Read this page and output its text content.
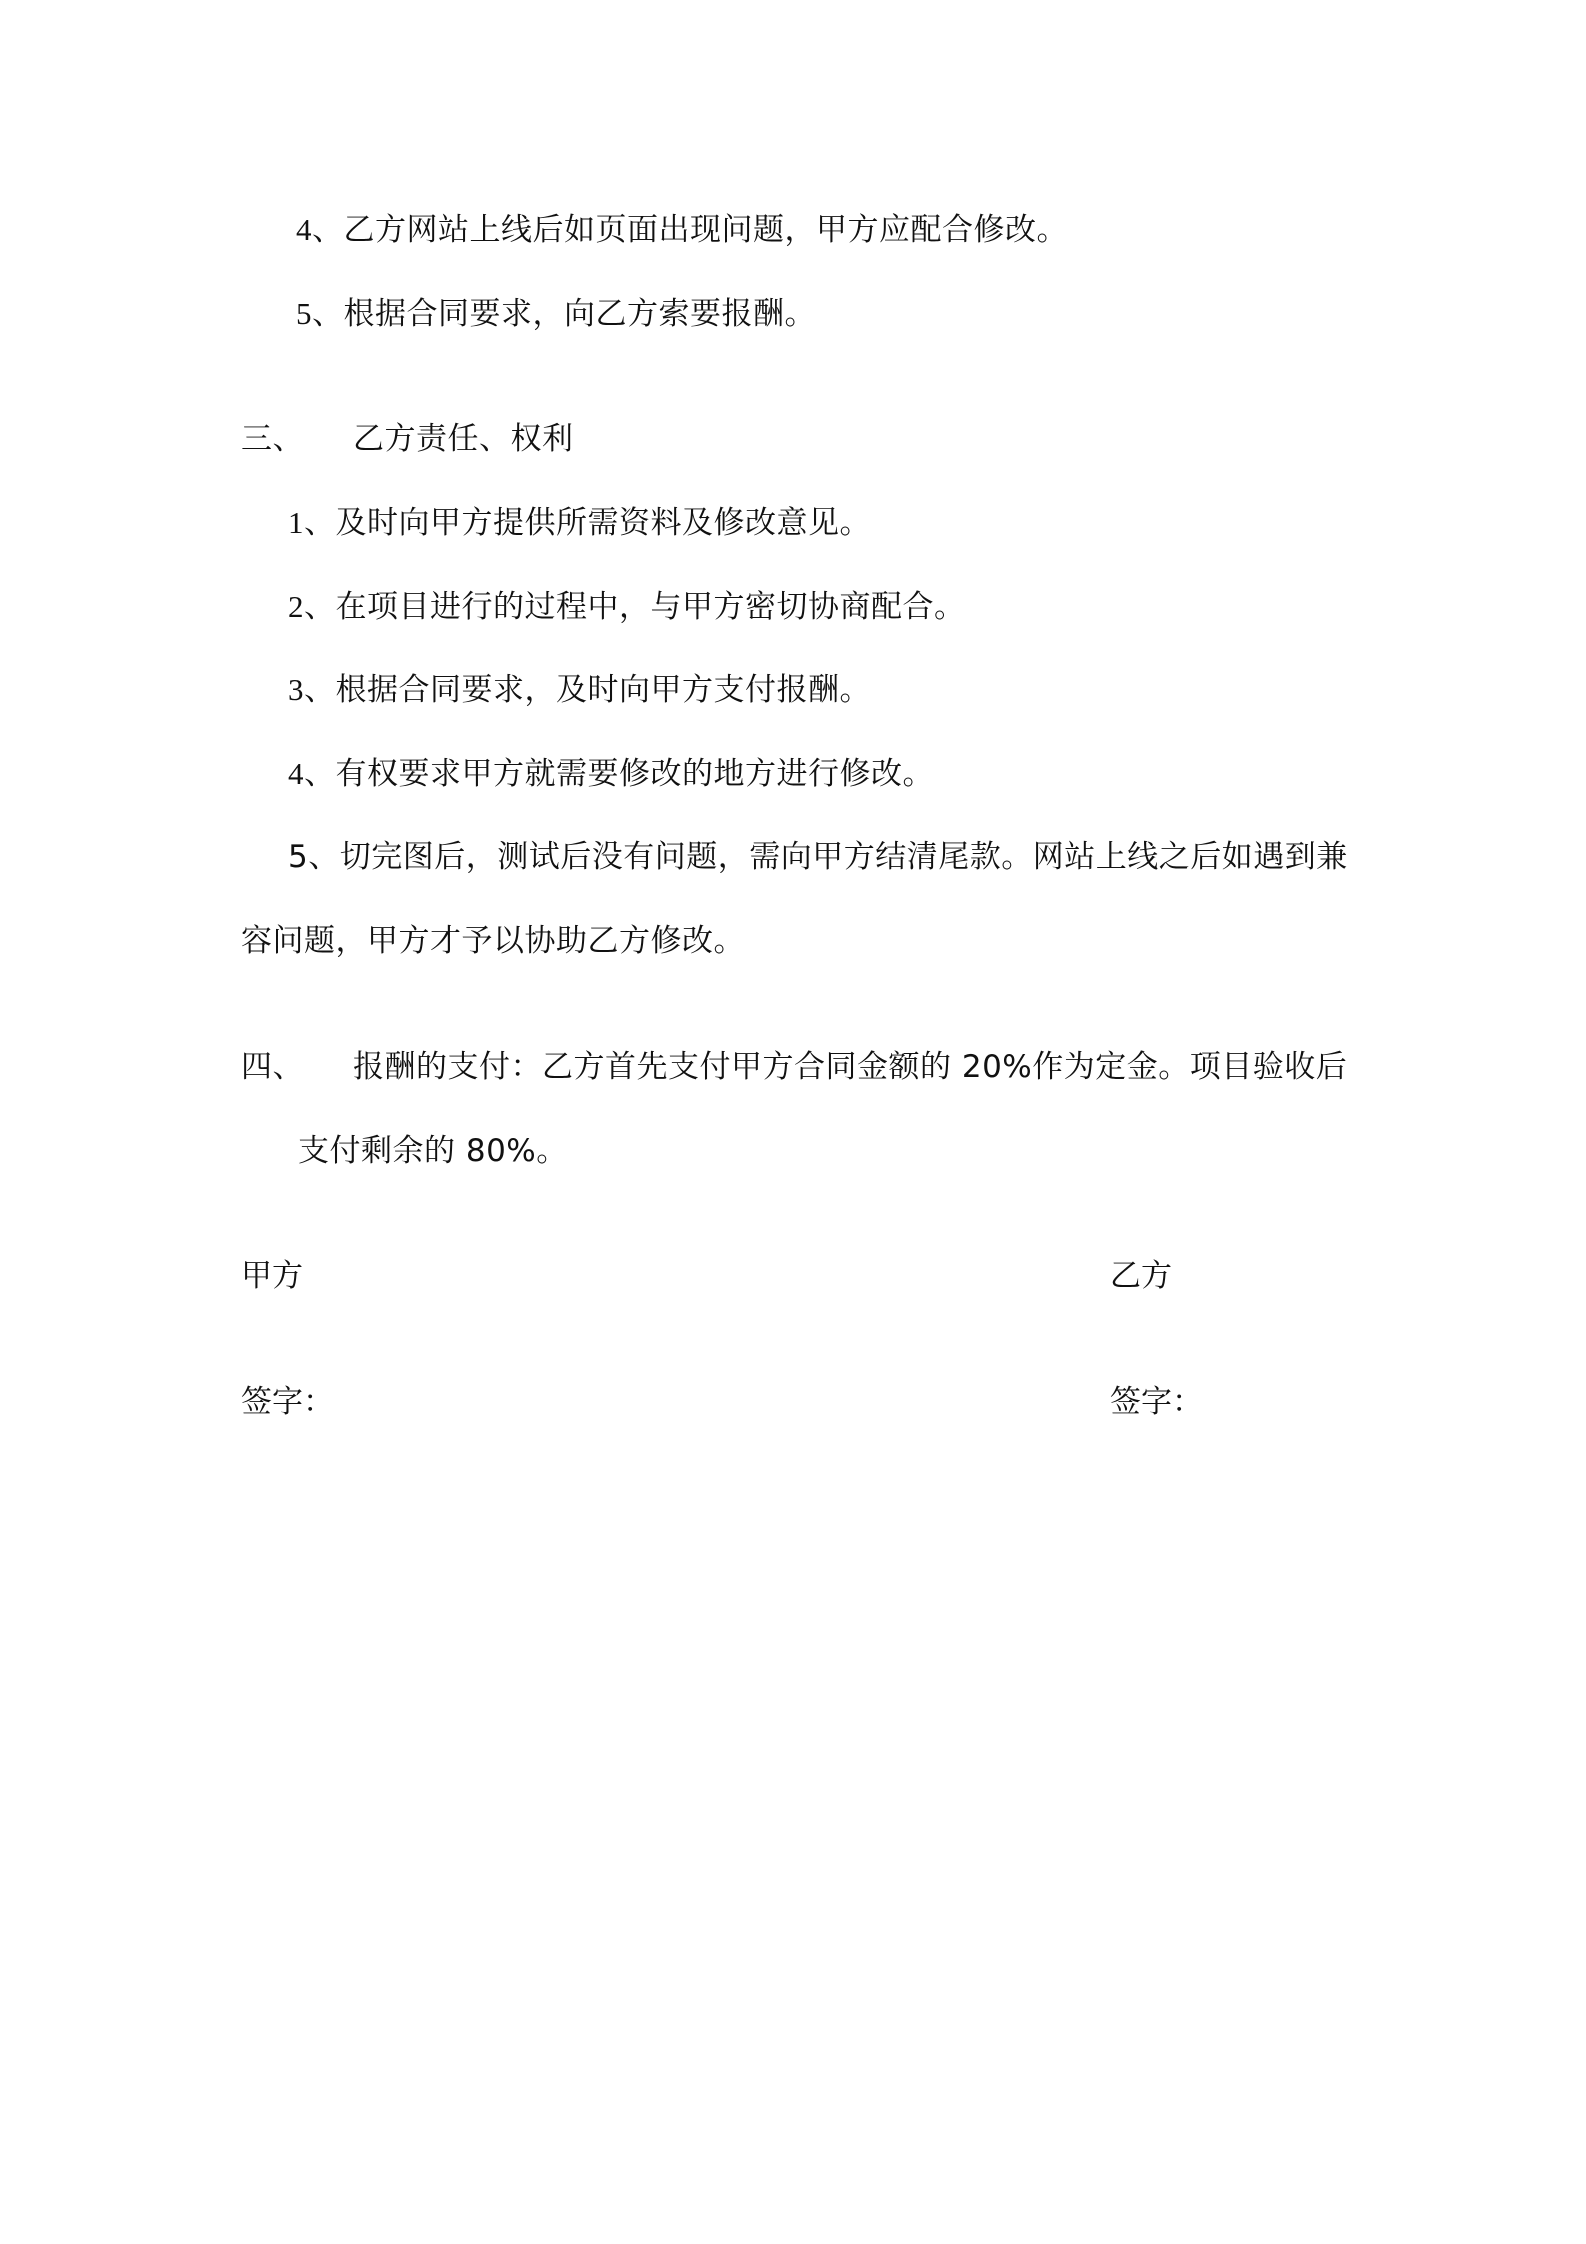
4、乙方网站上线后如页面出现问题，甲方应配合修改。
5、根据合同要求，向乙方索要报酬。
三、 乙方责任、权利
1、及时向甲方提供所需资料及修改意见。
2、在项目进行的过程中，与甲方密切协商配合。
3、根据合同要求，及时向甲方支付报酬。
4、有权要求甲方就需要修改的地方进行修改。
5、切完图后，测试后没有问题，需向甲方结清尾款。网站上线之后如遇到兼
容问题，甲方才予以协助乙方修改。
四、 报酬的支付：乙方首先支付甲方合同金额的 20%作为定金。项目验收后
支付剩余的 80%。
甲方	乙方
签字：	签字：
